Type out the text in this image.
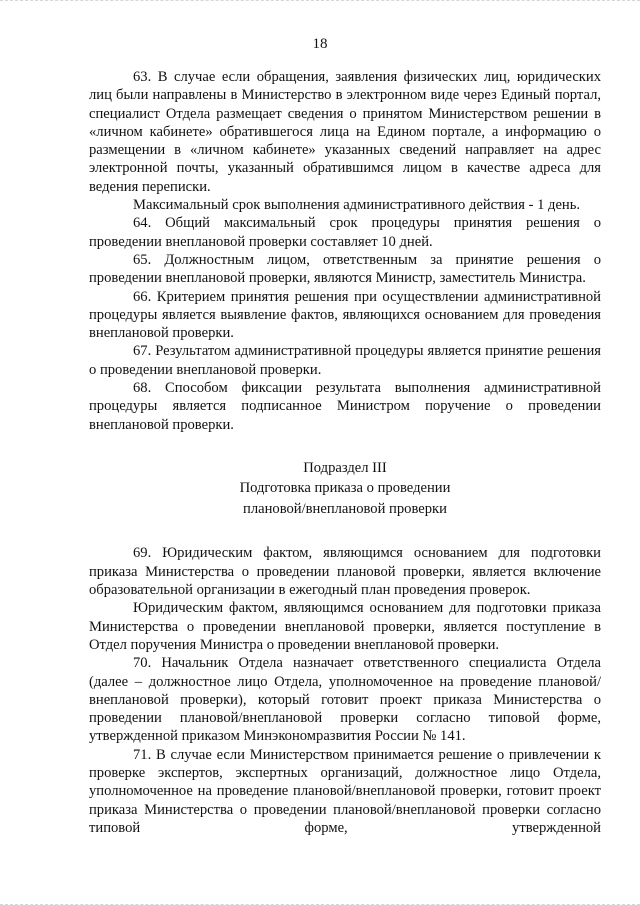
18

63. В случае если обращения, заявления физических лиц, юридических лиц были направлены в Министерство в электронном виде через Единый портал, специалист Отдела размещает сведения о принятом Министерством решении в «личном кабинете» обратившегося лица на Едином портале, а информацию о размещении в «личном кабинете» указанных сведений направляет на адрес электронной почты, указанный обратившимся лицом в качестве адреса для ведения переписки.

Максимальный срок выполнения административного действия - 1 день.

64. Общий максимальный срок процедуры принятия решения о проведении внеплановой проверки составляет 10 дней.

65. Должностным лицом, ответственным за принятие решения о проведении внеплановой проверки, являются Министр, заместитель Министра.

66. Критерием принятия решения при осуществлении административной процедуры является выявление фактов, являющихся основанием для проведения внеплановой проверки.

67. Результатом административной процедуры является принятие решения о проведении внеплановой проверки.

68. Способом фиксации результата выполнения административной процедуры является подписанное Министром поручение о проведении внеплановой проверки.

Подраздел III
Подготовка приказа о проведении
плановой/внеплановой проверки

69. Юридическим фактом, являющимся основанием для подготовки приказа Министерства о проведении плановой проверки, является включение образовательной организации в ежегодный план проведения проверок.

Юридическим фактом, являющимся основанием для подготовки приказа Министерства о проведении внеплановой проверки, является поступление в Отдел поручения Министра о проведении внеплановой проверки.

70. Начальник Отдела назначает ответственного специалиста Отдела (далее – должностное лицо Отдела, уполномоченное на проведение плановой/внеплановой проверки), который готовит проект приказа Министерства о проведении плановой/внеплановой проверки согласно типовой форме, утвержденной приказом Минэкономразвития России № 141.

71. В случае если Министерством принимается решение о привлечении к проверке экспертов, экспертных организаций, должностное лицо Отдела, уполномоченное на проведение плановой/внеплановой проверки, готовит проект приказа Министерства о проведении плановой/внеплановой проверки согласно типовой форме, утвержденной
